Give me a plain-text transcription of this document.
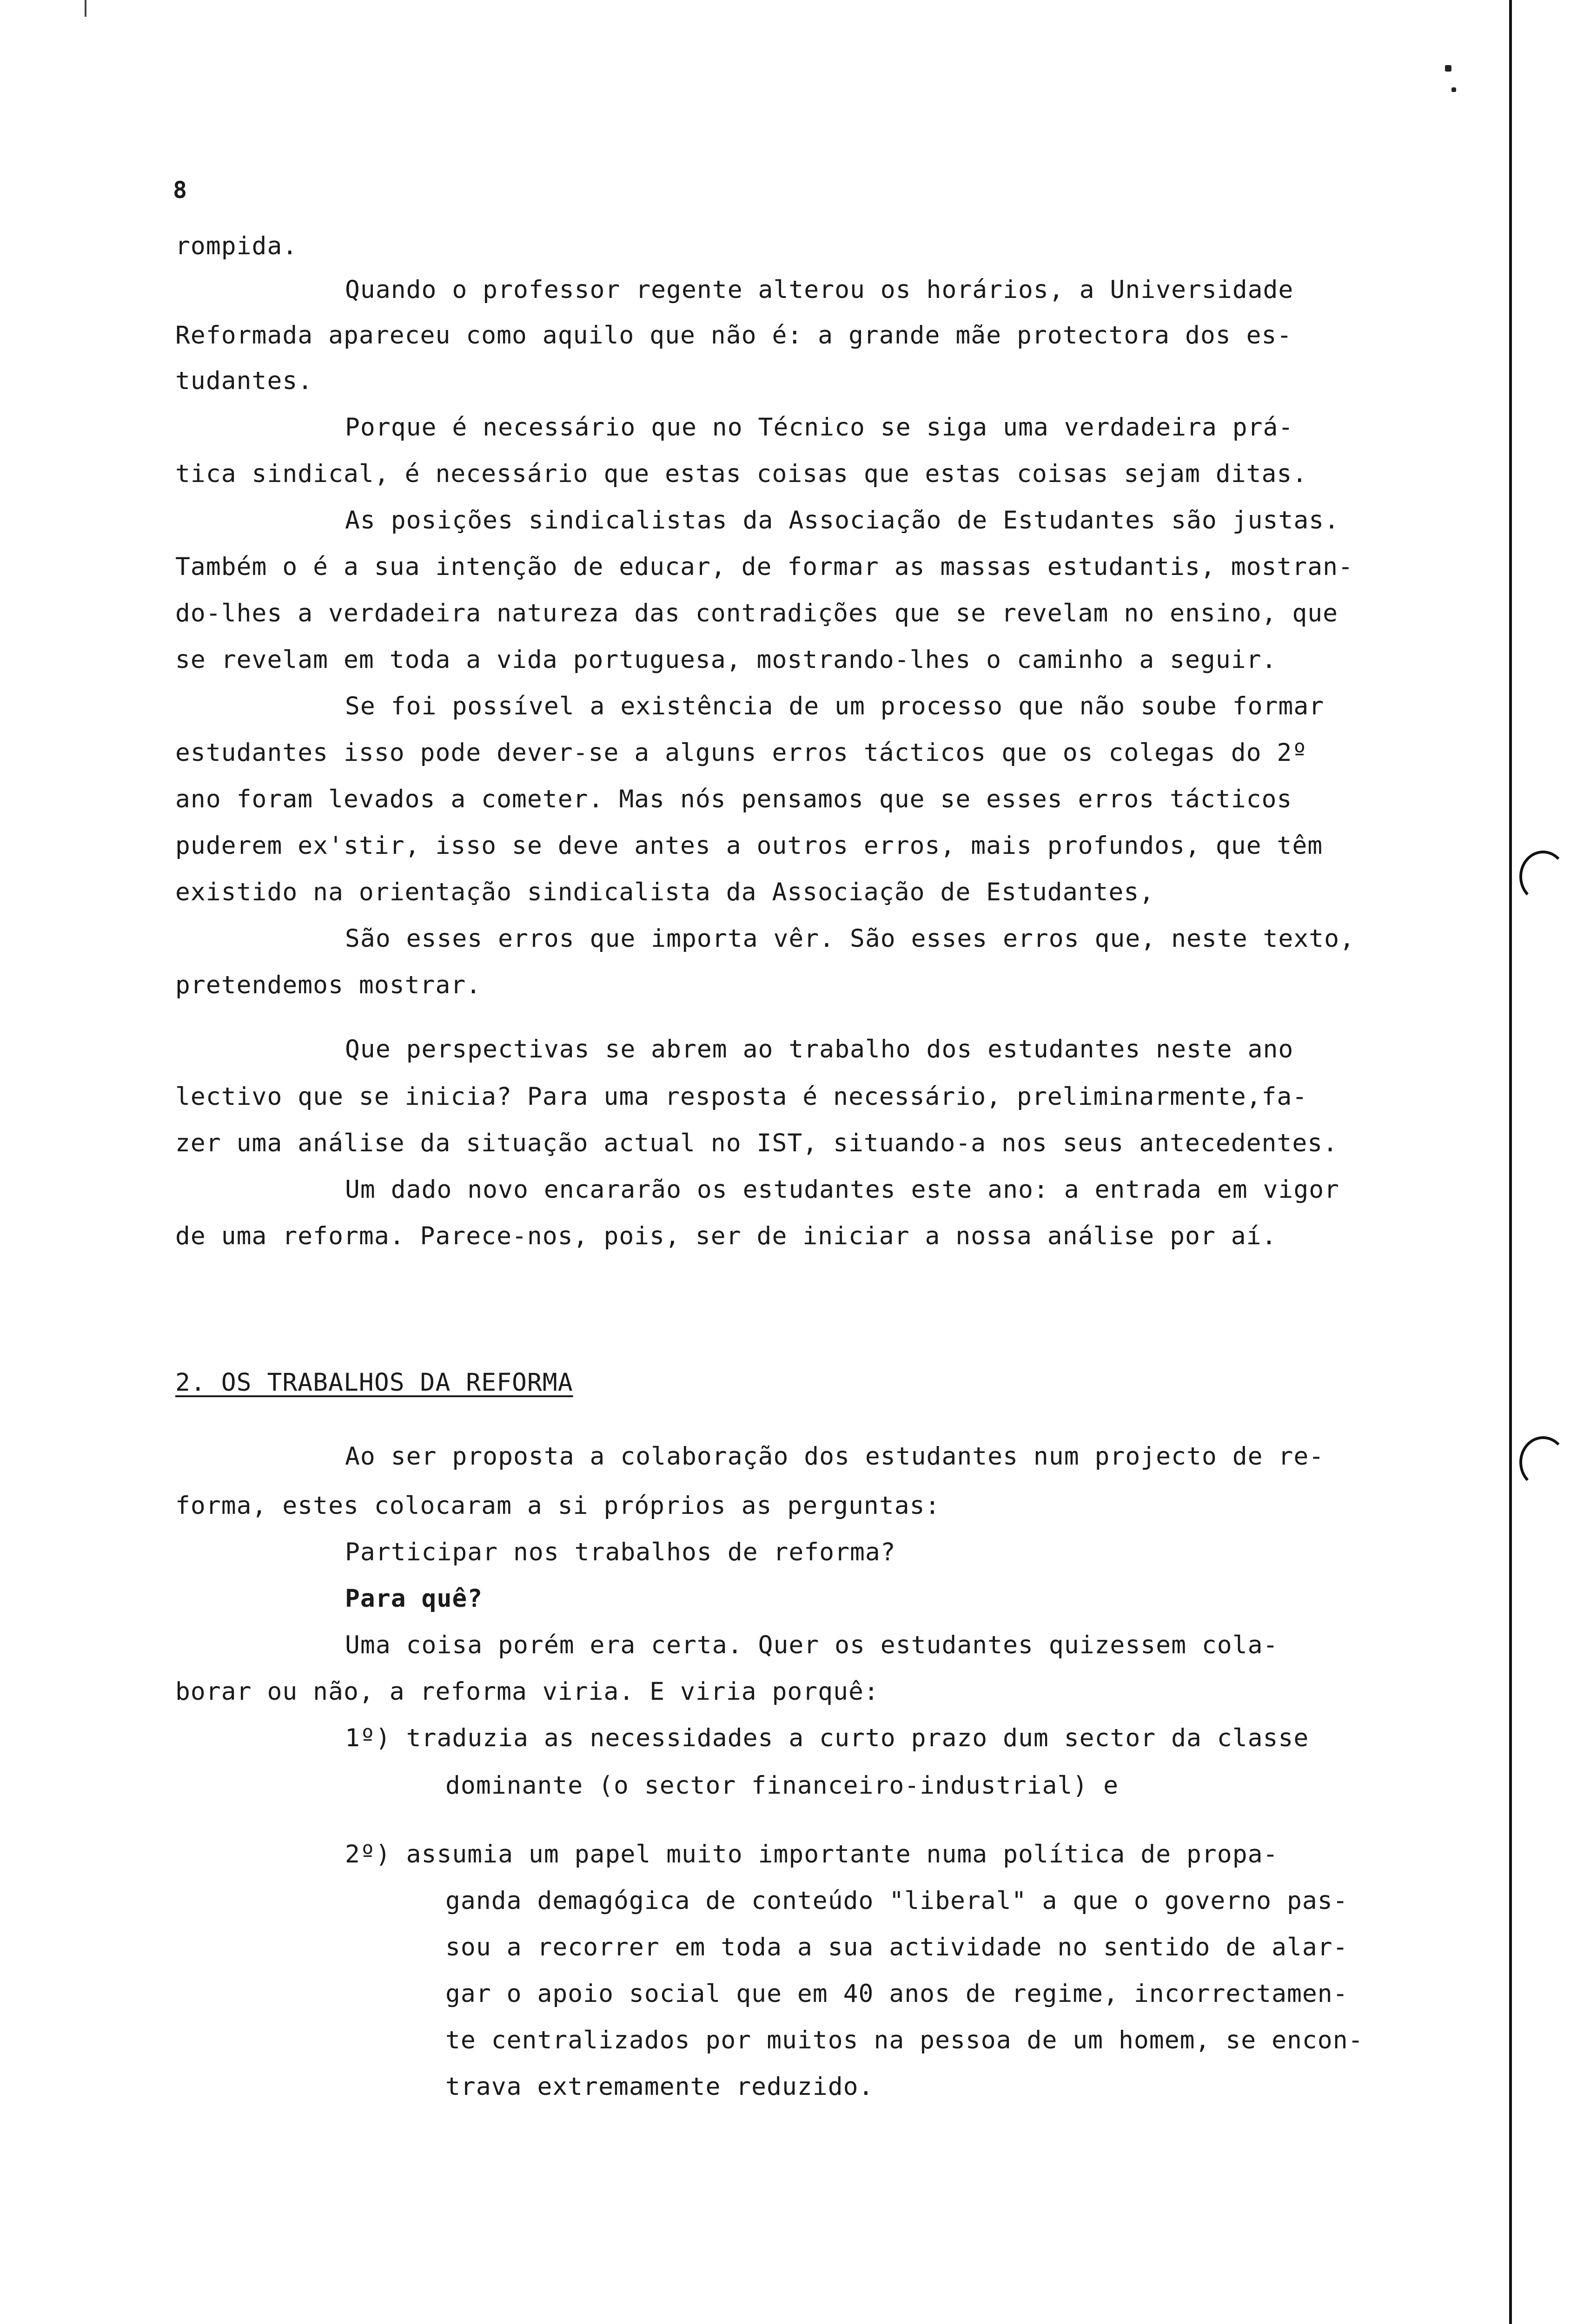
8
rompida.
Quando o professor regente alterou os horários, a Universidade
Reformada apareceu como aquilo que não é: a grande mãe protectora dos es-
tudantes.
Porque é necessário que no Técnico se siga uma verdadeira prá-
tica sindical, é necessário que estas coisas que estas coisas sejam ditas.
As posições sindicalistas da Associação de Estudantes são justas.
Também o é a sua intenção de educar, de formar as massas estudantis, mostran-
do-lhes a verdadeira natureza das contradições que se revelam no ensino, que
se revelam em toda a vida portuguesa, mostrando-lhes o caminho a seguir.
Se foi possível a existência de um processo que não soube formar
estudantes isso pode dever-se a alguns erros tácticos que os colegas do 2º
ano foram levados a cometer. Mas nós pensamos que se esses erros tácticos
puderem ex'stir, isso se deve antes a outros erros, mais profundos, que têm
existido na orientação sindicalista da Associação de Estudantes,
São esses erros que importa vêr. São esses erros que, neste texto,
pretendemos mostrar.
Que perspectivas se abrem ao trabalho dos estudantes neste ano
lectivo que se inicia? Para uma resposta é necessário, preliminarmente,fa-
zer uma análise da situação actual no IST, situando-a nos seus antecedentes.
Um dado novo encararão os estudantes este ano: a entrada em vigor
de uma reforma. Parece-nos, pois, ser de iniciar a nossa análise por aí.
Ao ser proposta a colaboração dos estudantes num projecto de re-
forma, estes colocaram a si próprios as perguntas:
Participar nos trabalhos de reforma?
Para quê?
Uma coisa porém era certa. Quer os estudantes quizessem cola-
borar ou não, a reforma viria. E viria porquê:
1º) traduzia as necessidades a curto prazo dum sector da classe
dominante (o sector financeiro-industrial) e
2º) assumia um papel muito importante numa política de propa-
ganda demagógica de conteúdo "liberal" a que o governo pas-
sou a recorrer em toda a sua actividade no sentido de alar-
gar o apoio social que em 40 anos de regime, incorrectamen-
te centralizados por muitos na pessoa de um homem, se encon-
trava extremamente reduzido.
2. OS TRABALHOS DA REFORMA
